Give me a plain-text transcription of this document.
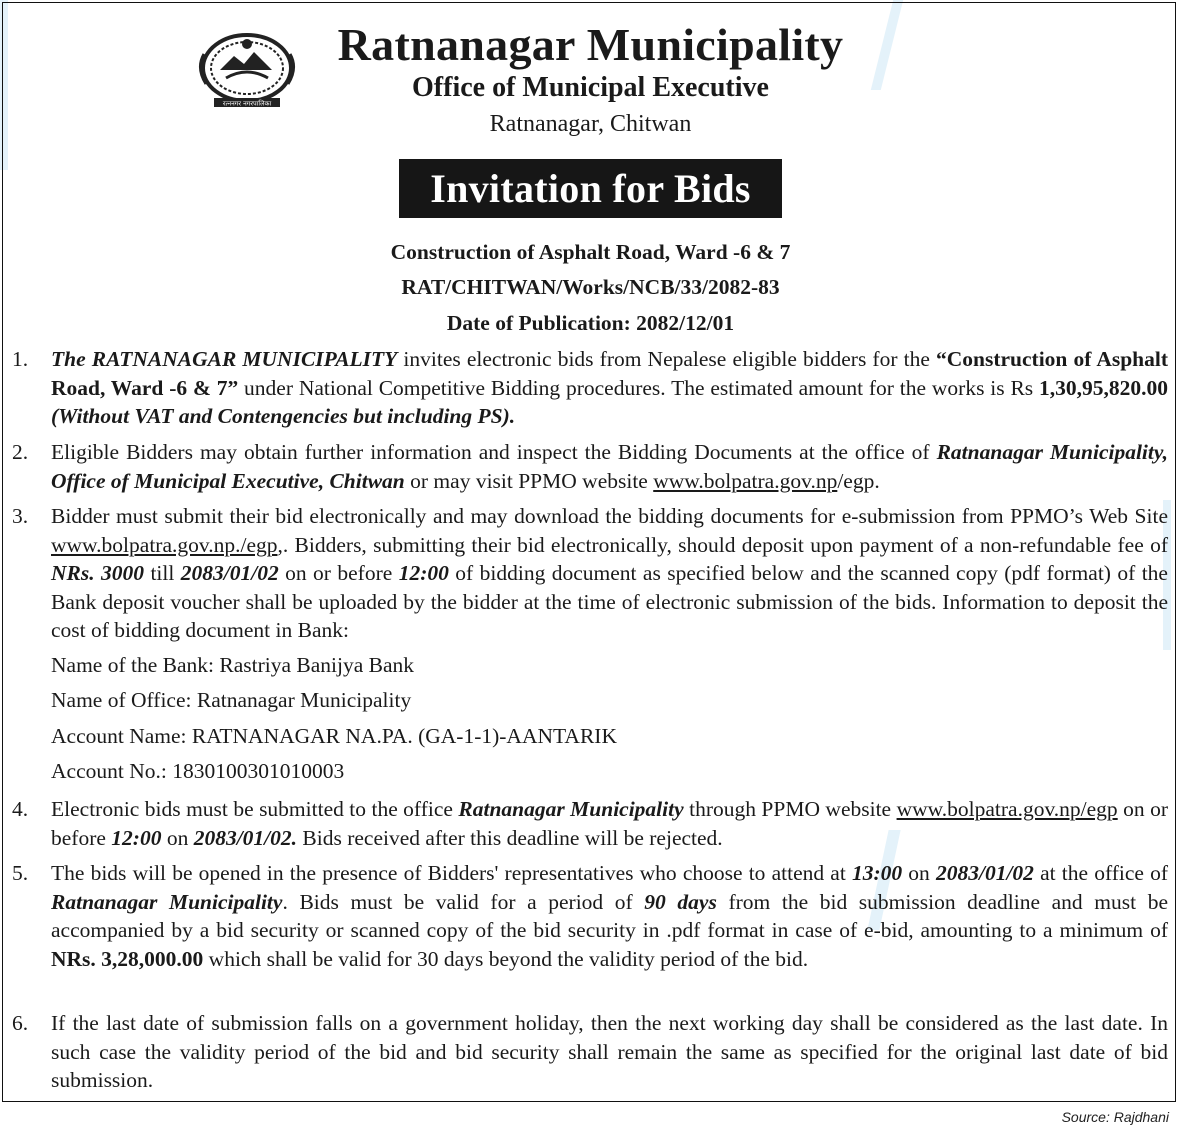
रत्ननगर नगरपालिका
Ratnanagar Municipality
Office of Municipal Executive
Ratnanagar, Chitwan
Invitation for Bids
Construction of Asphalt Road, Ward -6 & 7
RAT/CHITWAN/Works/NCB/33/2082-83
Date of Publication: 2082/12/01
1. The RATNANAGAR MUNICIPALITY invites electronic bids from Nepalese eligible bidders for the “Construction of Asphalt Road, Ward -6 & 7” under National Competitive Bidding procedures. The estimated amount for the works is Rs 1,30,95,820.00 (Without VAT and Contengencies but including PS).
2. Eligible Bidders may obtain further information and inspect the Bidding Documents at the office of Ratnanagar Municipality, Office of Municipal Executive, Chitwan or may visit PPMO website www.bolpatra.gov.np/egp.
3. Bidder must submit their bid electronically and may download the bidding documents for e-submission from PPMO’s Web Site www.bolpatra.gov.np./egp,. Bidders, submitting their bid electronically, should deposit upon payment of a non-refundable fee of NRs. 3000 till 2083/01/02 on or before 12:00 of bidding document as specified below and the scanned copy (pdf format) of the Bank deposit voucher shall be uploaded by the bidder at the time of electronic submission of the bids. Information to deposit the cost of bidding document in Bank:
Name of the Bank: Rastriya Banijya Bank
Name of Office: Ratnanagar Municipality
Account Name: RATNANAGAR NA.PA. (GA-1-1)-AANTARIK
Account No.: 1830100301010003
4. Electronic bids must be submitted to the office Ratnanagar Municipality through PPMO website www.bolpatra.gov.np/egp on or before 12:00 on 2083/01/02. Bids received after this deadline will be rejected.
5. The bids will be opened in the presence of Bidders' representatives who choose to attend at 13:00 on 2083/01/02 at the office of Ratnanagar Municipality. Bids must be valid for a period of 90 days from the bid submission deadline and must be accompanied by a bid security or scanned copy of the bid security in .pdf format in case of e-bid, amounting to a minimum of NRs. 3,28,000.00 which shall be valid for 30 days beyond the validity period of the bid.
6. If the last date of submission falls on a government holiday, then the next working day shall be considered as the last date. In such case the validity period of the bid and bid security shall remain the same as specified for the original last date of bid submission.
Source: Rajdhani
